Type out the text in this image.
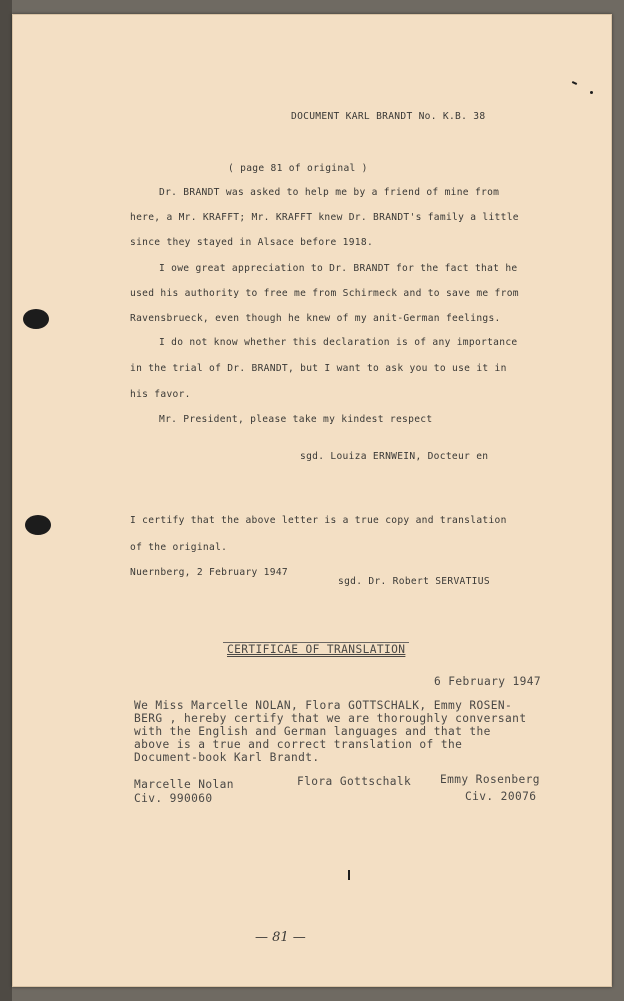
DOCUMENT KARL BRANDT No. K.B. 38
( page 81 of original )
Dr. BRANDT was asked to help me by a friend of mine from
here, a Mr. KRAFFT; Mr. KRAFFT knew Dr. BRANDT's family a little
since they stayed in Alsace before 1918.
I owe great appreciation to Dr. BRANDT for the fact that he
used his authority to free me from Schirmeck and to save me from
Ravensbrueck, even though he knew of my anit-German feelings.
I do not know whether this declaration is of any importance
in the trial of Dr. BRANDT, but I want to ask you to use it in
his favor.
Mr. President, please take my kindest respect
sgd. Louiza ERNWEIN, Docteur en
I certify that the above letter is a true copy and translation
of the original.
Nuernberg, 2 February 1947
sgd. Dr. Robert SERVATIUS
CERTIFICAE OF TRANSLATION
6 February 1947
We Miss Marcelle NOLAN, Flora GOTTSCHALK, Emmy ROSEN-
BERG , hereby certify that we are thoroughly conversant
with the English and German languages and that the
above is a true and correct translation of the
Document-book Karl Brandt.
Marcelle Nolan
Civ. 990060
Flora Gottschalk	Emmy Rosenberg
Civ. 20076
— 81 —
